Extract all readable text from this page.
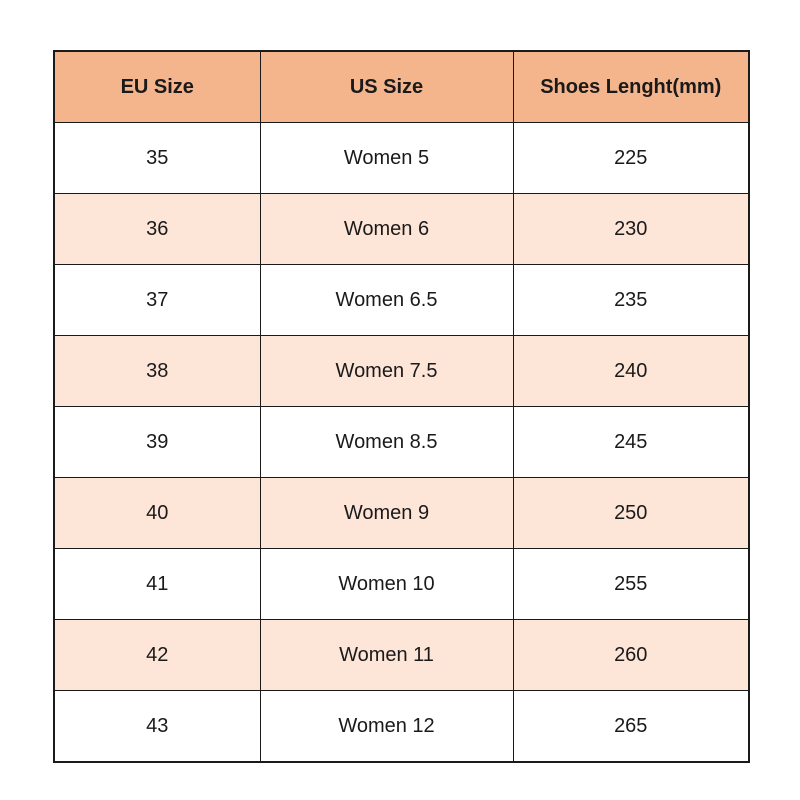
EU Size	US Size	Shoes Lenght(mm)
35	Women 5	225
36	Women 6	230
37	Women 6.5	235
38	Women 7.5	240
39	Women 8.5	245
40	Women 9	250
41	Women 10	255
42	Women 11	260
43	Women 12	265
